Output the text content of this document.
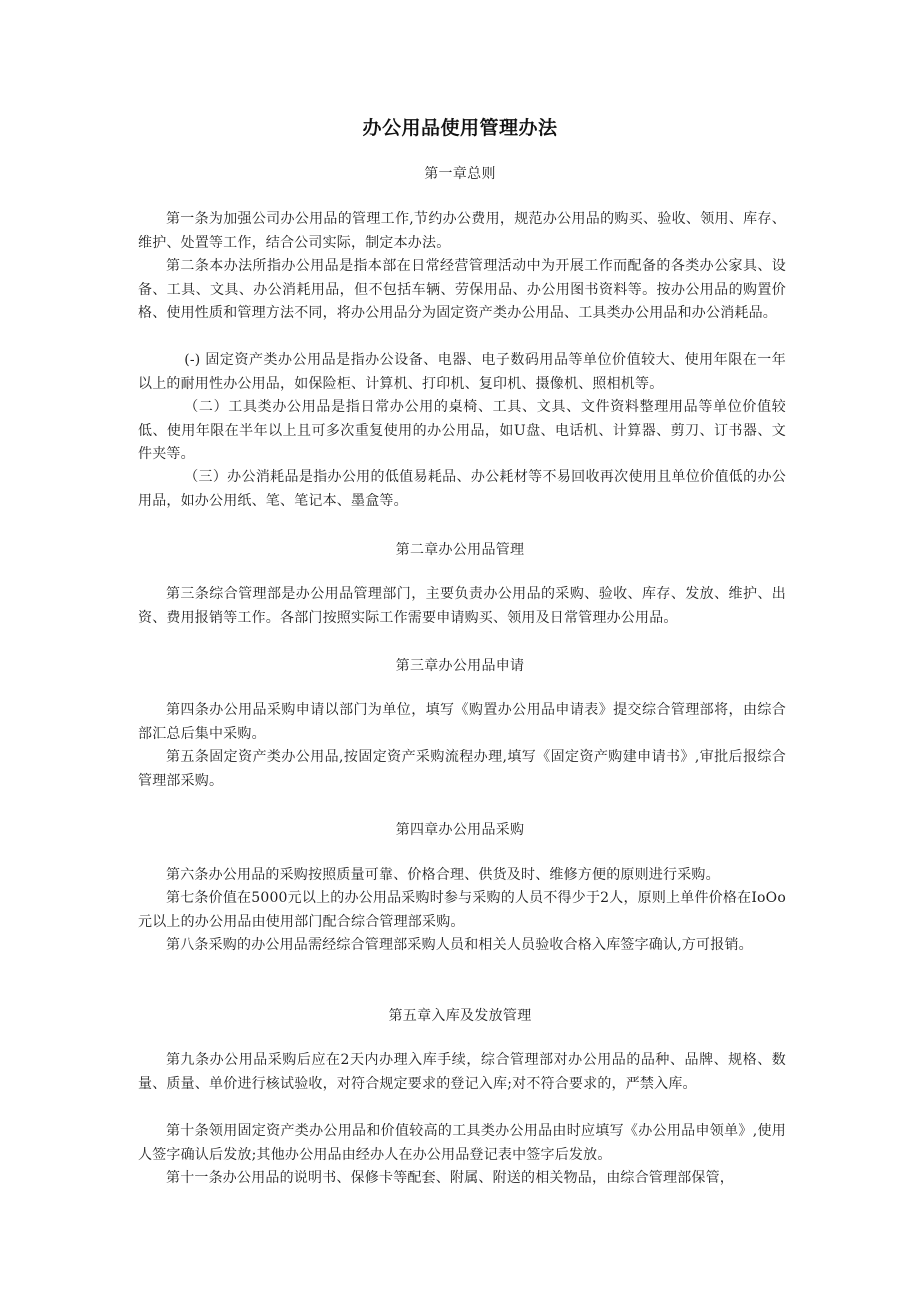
办公用品使用管理办法
第一章总则
第一条为加强公司办公用品的管理工作,节约办公费用，规范办公用品的购买、验收、领用、库存、维护、处置等工作，结合公司实际，制定本办法。
第二条本办法所指办公用品是指本部在日常经营管理活动中为开展工作而配备的各类办公家具、设备、工具、文具、办公消耗用品，但不包括车辆、劳保用品、办公用图书资料等。按办公用品的购置价格、使用性质和管理方法不同，将办公用品分为固定资产类办公用品、工具类办公用品和办公消耗品。
(-) 固定资产类办公用品是指办公设备、电器、电子数码用品等单位价值较大、使用年限在一年以上的耐用性办公用品，如保险柜、计算机、打印机、复印机、摄像机、照相机等。
（二）工具类办公用品是指日常办公用的桌椅、工具、文具、文件资料整理用品等单位价值较低、使用年限在半年以上且可多次重复使用的办公用品，如U盘、电话机、计算器、剪刀、订书器、文件夹等。
（三）办公消耗品是指办公用的低值易耗品、办公耗材等不易回收再次使用且单位价值低的办公用品，如办公用纸、笔、笔记本、墨盒等。
第二章办公用品管理
第三条综合管理部是办公用品管理部门，主要负责办公用品的采购、验收、库存、发放、维护、出资、费用报销等工作。各部门按照实际工作需要申请购买、领用及日常管理办公用品。
第三章办公用品申请
第四条办公用品采购申请以部门为单位，填写《购置办公用品申请表》提交综合管理部将，由综合部汇总后集中采购。
第五条固定资产类办公用品,按固定资产采购流程办理,填写《固定资产购建申请书》,审批后报综合管理部采购。
第四章办公用品采购
第六条办公用品的采购按照质量可靠、价格合理、供货及时、维修方便的原则进行采购。
第七条价值在5000元以上的办公用品采购时参与采购的人员不得少于2人，原则上单件价格在IoOo元以上的办公用品由使用部门配合综合管理部采购。
第八条采购的办公用品需经综合管理部采购人员和相关人员验收合格入库签字确认,方可报销。
第五章入库及发放管理
第九条办公用品采购后应在2天内办理入库手续，综合管理部对办公用品的品种、品牌、规格、数量、质量、单价进行核试验收，对符合规定要求的登记入库;对不符合要求的，严禁入库。
第十条领用固定资产类办公用品和价值较高的工具类办公用品由时应填写《办公用品申领单》,使用人签字确认后发放;其他办公用品由经办人在办公用品登记表中签字后发放。
第十一条办公用品的说明书、保修卡等配套、附属、附送的相关物品，由综合管理部保管，
